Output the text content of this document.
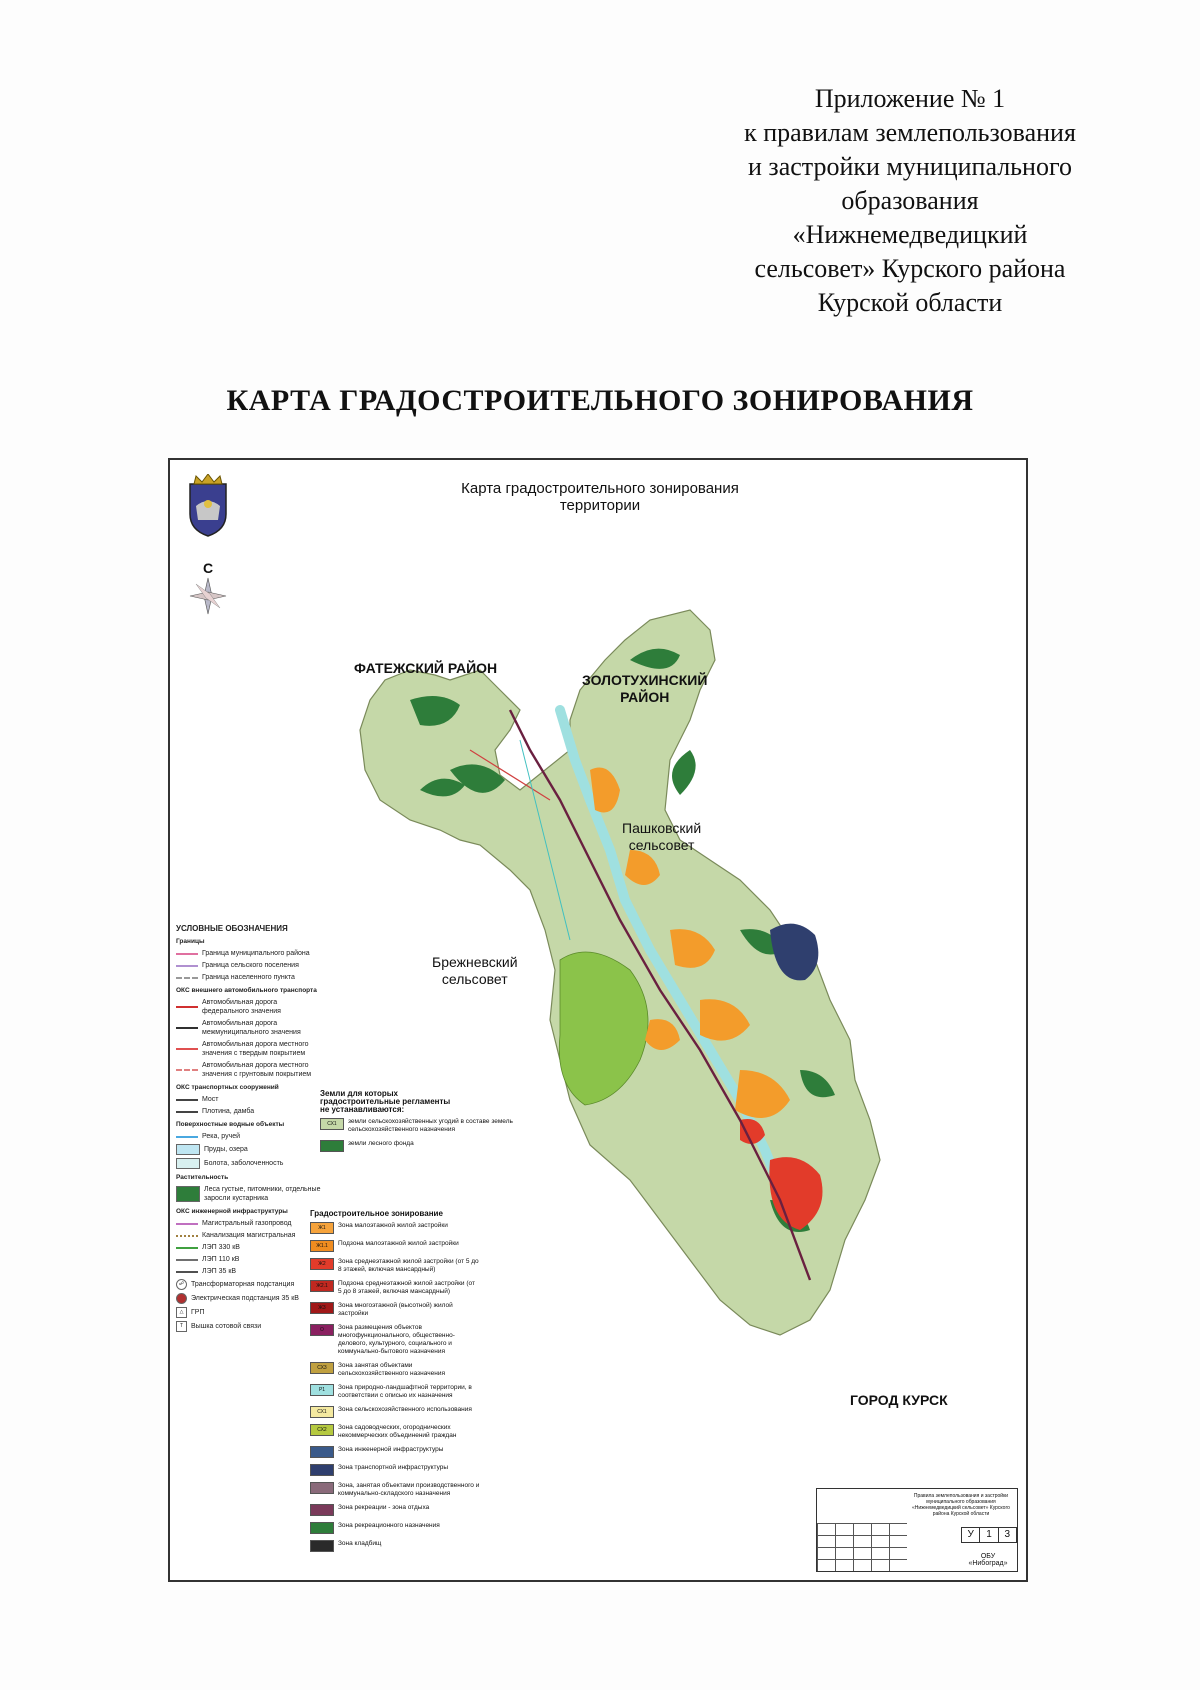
Приложение № 1
к правилам землепользования
и застройки муниципального
образования
«Нижнемедведицкий
сельсовет» Курского района
Курской области
КАРТА ГРАДОСТРОИТЕЛЬНОГО ЗОНИРОВАНИЯ
Карта градостроительного зонирования
территории
С
ФАТЕЖСКИЙ РАЙОН
ЗОЛОТУХИНСКИЙ
РАЙОН
Пашковский
сельсовет
Брежневский
сельсовет
ГОРОД КУРСК
УСЛОВНЫЕ ОБОЗНАЧЕНИЯ
Границы
Граница муниципального района
Граница сельского поселения
Граница населенного пункта
ОКС внешнего автомобильного транспорта
Автомобильная дорога федерального значения
Автомобильная дорога межмуниципального значения
Автомобильная дорога местного значения с твердым покрытием
Автомобильная дорога местного значения с грунтовым покрытием
ОКС транспортных сооружений
Мост
Плотина, дамба
Поверхностные водные объекты
Река, ручей
Пруды, озера
Болота, заболоченность
Растительность
Леса густые, питомники, отдельные заросли кустарника
ОКС инженерной инфраструктуры
Магистральный газопровод
Канализация магистральная
ЛЭП 330 кВ
ЛЭП 110 кВ
ЛЭП 35 кВ
☍ Трансформаторная подстанция
Электрическая подстанция 35 кВ
△	ГРП
T	Вышка сотовой связи
Земли для которых
градостроительные регламенты
не устанавливаются:
СХ1	земли сельскохозяйственных угодий в составе земель сельскохозяйственного назначения
земли лесного фонда
Градостроительное зонирование
Ж1	Зона малоэтажной жилой застройки
Ж1.1	Подзона малоэтажной жилой застройки
Ж2	Зона среднеэтажной жилой застройки (от 5 до 8 этажей, включая мансардный)
Ж2.1	Подзона среднеэтажной жилой застройки (от 5 до 8 этажей, включая мансардный)
Ж3	Зона многоэтажной (высотной) жилой застройки
О	Зона размещения объектов многофункционального, общественно-делового, культурного, социального и коммунально-бытового назначения
СХ3	Зона занятая объектами сельскохозяйственного назначения
Р1	Зона природно-ландшафтной территории, в соответствии с описью их назначения
СХ1	Зона сельскохозяйственного использования
СХ2	Зона садоводческих, огороднических некоммерческих объединений граждан
Зона инженерной инфраструктуры
Зона транспортной инфраструктуры
Зона, занятая объектами производственного и коммунально-складского назначения
Зона рекреации - зона отдыха
Зона рекреационного назначения
Зона кладбищ
Правила землепользования и застройки муниципального образования «Нижнемедведицкий сельсовет» Курского района Курской области
У	1	3
ОБУ «Нибоград»
